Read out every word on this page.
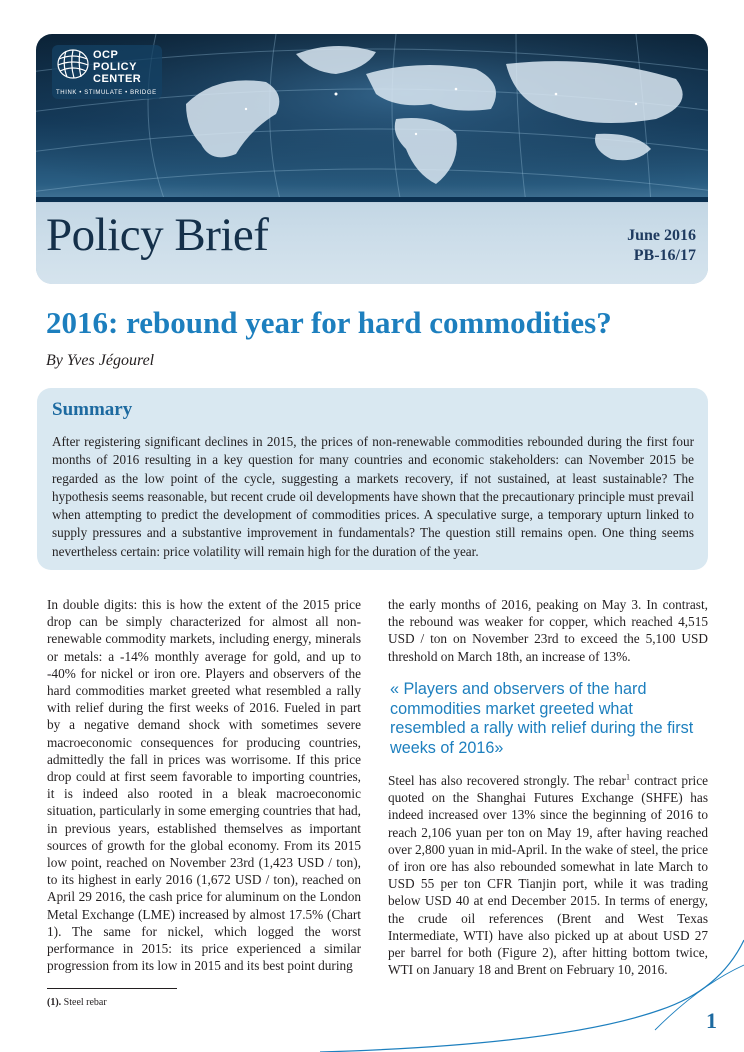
OCP
POLICY
CENTER
THINK • STIMULATE • BRIDGE
Policy Brief	June 2016
PB-16/17
2016: rebound year for hard commodities?
By Yves Jégourel
Summary
After registering significant declines in 2015, the prices of non-renewable commodities rebounded during the first four months of 2016 resulting in a key question for many countries and economic stakeholders: can November 2015 be regarded as the low point of the cycle, suggesting a markets recovery, if not sustained, at least sustainable? The hypothesis seems reasonable, but recent crude oil developments have shown that the precautionary principle must prevail when attempting to predict the development of commodities prices. A speculative surge, a temporary upturn linked to supply pressures and a substantive improvement in fundamentals? The question still remains open. One thing seems nevertheless certain: price volatility will remain high for the duration of the year.
In double digits: this is how the extent of the 2015 price drop can be simply characterized for almost all non-renewable commodity markets, including energy, minerals or metals: a -14% monthly average for gold, and up to -40% for nickel or iron ore. Players and observers of the hard commodities market greeted what resembled a rally with relief during the first weeks of 2016. Fueled in part by a negative demand shock with sometimes severe macroeconomic consequences for producing countries, admittedly the fall in prices was worrisome. If this price drop could at first seem favorable to importing countries, it is indeed also rooted in a bleak macroeconomic situation, particularly in some emerging countries that had, in previous years, established themselves as important sources of growth for the global economy. From its 2015 low point, reached on November 23rd (1,423 USD / ton), to its highest in early 2016 (1,672 USD / ton), reached on April 29 2016, the cash price for aluminum on the London Metal Exchange (LME) increased by almost 17.5% (Chart 1). The same for nickel, which logged the worst performance in 2015: its price experienced a similar progression from its low in 2015 and its best point during
the early months of 2016, peaking on May 3. In contrast, the rebound was weaker for copper, which reached 4,515 USD / ton on November 23rd to exceed the 5,100 USD threshold on March 18th, an increase of 13%.
« Players and observers of the hard commodities market greeted what resembled a rally with relief during the first weeks of 2016»
Steel has also recovered strongly. The rebar$^1$ contract price quoted on the Shanghai Futures Exchange (SHFE) has indeed increased over 13% since the beginning of 2016 to reach 2,106 yuan per ton on May 19, after having reached over 2,800 yuan in mid-April. In the wake of steel, the price of iron ore has also rebounded somewhat in late March to USD 55 per ton CFR Tianjin port, while it was trading below USD 40 at end December 2015. In terms of energy, the crude oil references (Brent and West Texas Intermediate, WTI) have also picked up at about USD 27 per barrel for both (Figure 2), after hitting bottom twice, WTI on January 18 and Brent on February 10, 2016.
(1). Steel rebar
1
